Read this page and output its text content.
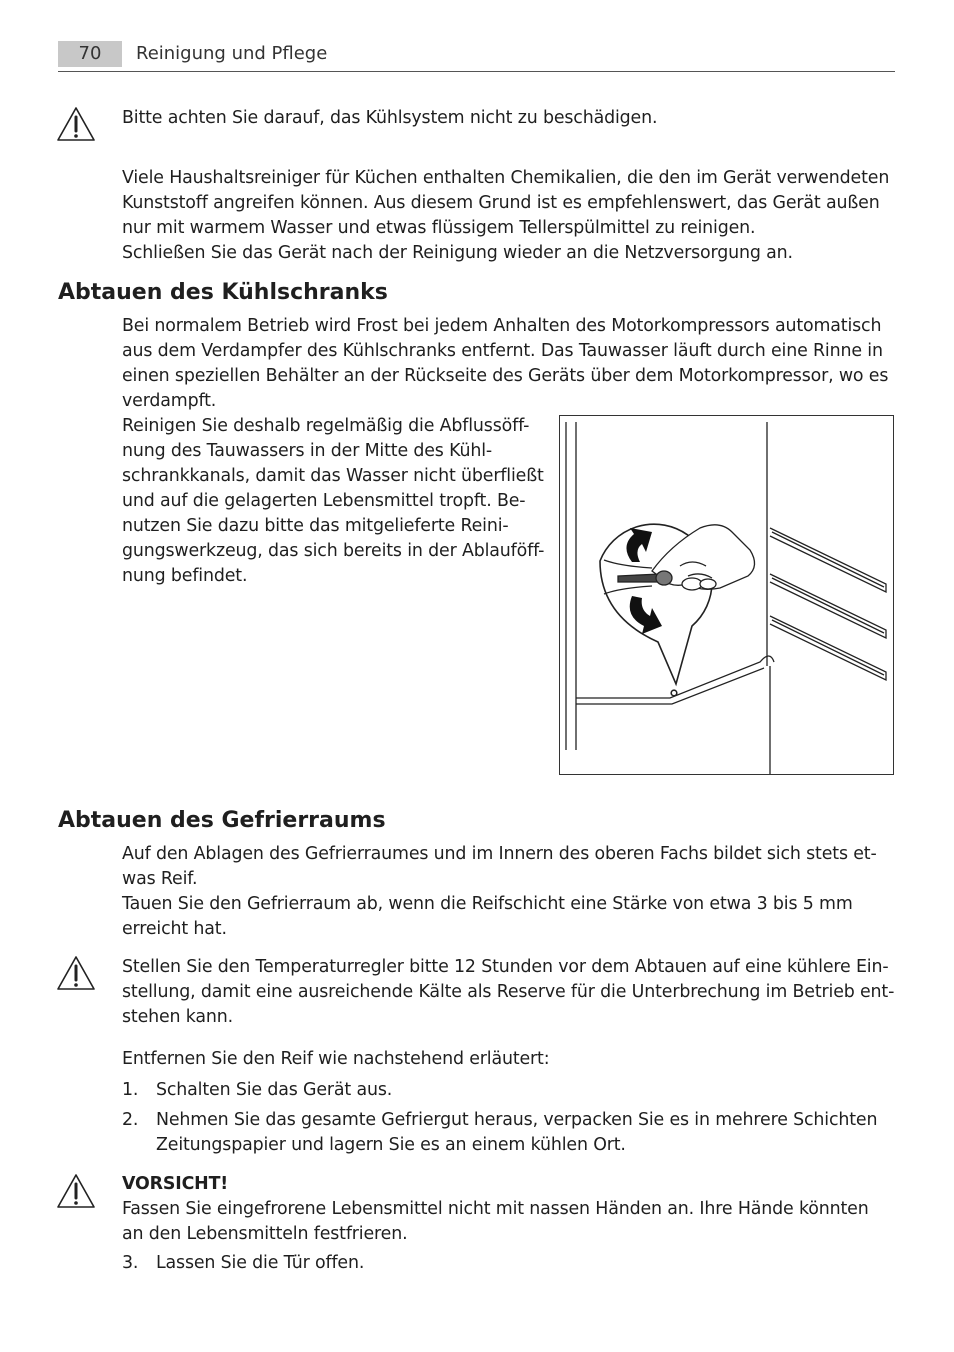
70	Reinigung und Pflege

Bitte achten Sie darauf, das Kühlsystem nicht zu beschädigen.

Viele Haushaltsreiniger für Küchen enthalten Chemikalien, die den im Gerät verwendeten

Kunststoff angreifen können. Aus diesem Grund ist es empfehlenswert, das Gerät außen

nur mit warmem Wasser und etwas flüssigem Tellerspülmittel zu reinigen.

Schließen Sie das Gerät nach der Reinigung wieder an die Netzversorgung an.

Abtauen des Kühlschranks

Bei normalem Betrieb wird Frost bei jedem Anhalten des Motorkompressors automatisch

aus dem Verdampfer des Kühlschranks entfernt. Das Tauwasser läuft durch eine Rinne in

einen speziellen Behälter an der Rückseite des Geräts über dem Motorkompressor, wo es

verdampft.

Reinigen Sie deshalb regelmäßig die Abflussöff-

nung des Tauwassers in der Mitte des Kühl-

schrankkanals, damit das Wasser nicht überfließt

und auf die gelagerten Lebensmittel tropft. Be-

nutzen Sie dazu bitte das mitgelieferte Reini-

gungswerkzeug, das sich bereits in der Ablauföff-

nung befindet.

Abtauen des Gefrierraums

Auf den Ablagen des Gefrierraumes und im Innern des oberen Fachs bildet sich stets et-

was Reif.

Tauen Sie den Gefrierraum ab, wenn die Reifschicht eine Stärke von etwa 3 bis 5 mm

erreicht hat.

Stellen Sie den Temperaturregler bitte 12 Stunden vor dem Abtauen auf eine kühlere Ein-

stellung, damit eine ausreichende Kälte als Reserve für die Unterbrechung im Betrieb ent-

stehen kann.

Entfernen Sie den Reif wie nachstehend erläutert:

1.	Schalten Sie das Gerät aus.

2.	Nehmen Sie das gesamte Gefriergut heraus, verpacken Sie es in mehrere Schichten

Zeitungspapier und lagern Sie es an einem kühlen Ort.

VORSICHT!

Fassen Sie eingefrorene Lebensmittel nicht mit nassen Händen an. Ihre Hände könnten

an den Lebensmitteln festfrieren.

3.	Lassen Sie die Tür offen.
